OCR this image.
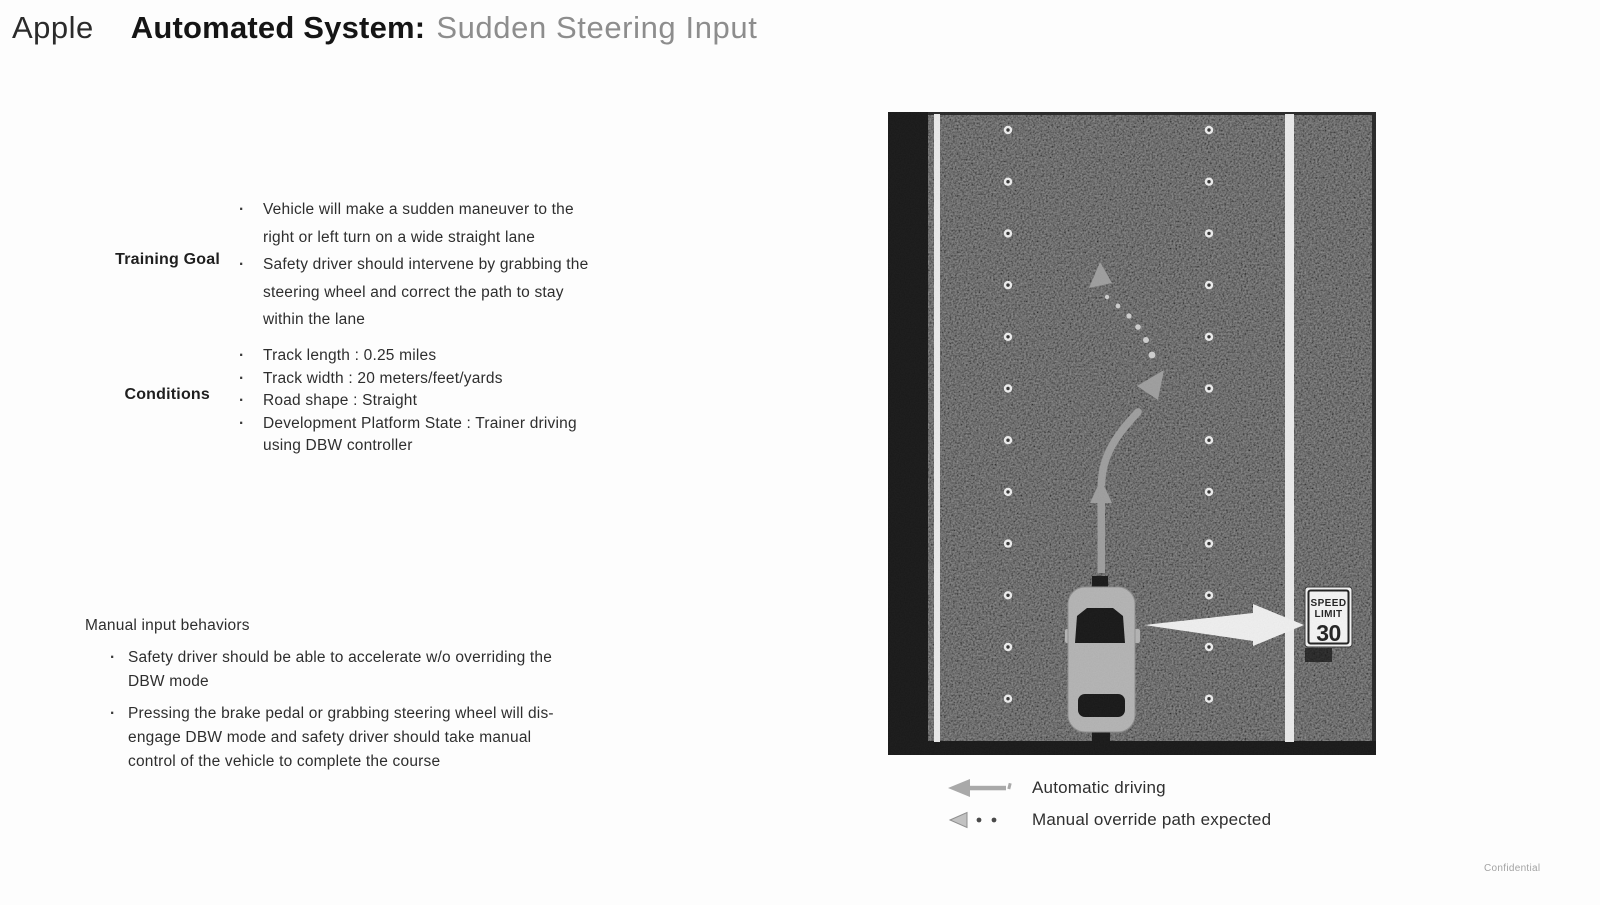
Apple Automated System: Sudden Steering Input
Training Goal
·
Vehicle will make a sudden maneuver to the
right or left turn on a wide straight lane
·
Safety driver should intervene by grabbing the
steering wheel and correct the path to stay
within the lane
Conditions
·
Track length : 0.25 miles
·
Track width : 20 meters/feet/yards
·
Road shape : Straight
·
Development Platform State : Trainer driving
using DBW controller
Manual input behaviors
·
Safety driver should be able to accelerate w/o overriding the
DBW mode
·
Pressing the brake pedal or grabbing steering wheel will dis-
engage DBW mode and safety driver should take manual
control of the vehicle to complete the course
SPEED
LIMIT
30
Automatic driving
Manual override path expected
Confidential
